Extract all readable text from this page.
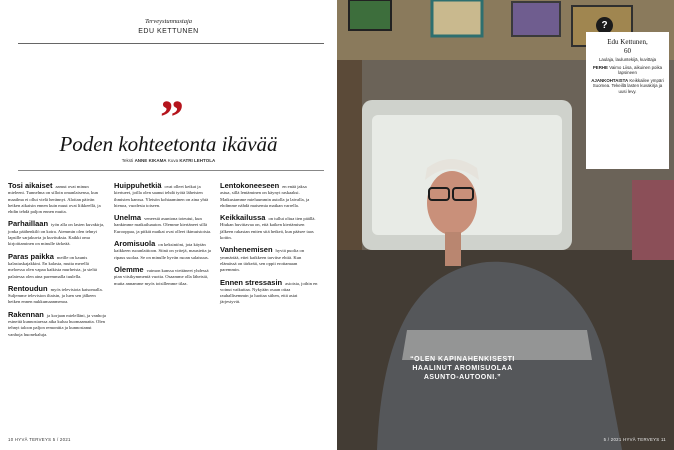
Terveystunnustaja
EDU KETTUNEN
”
Poden kohteetonta ikävää
Teksti ANNE KIKAMA Kuva KATRI LEHTOLA
Tosi aikaiset aamut ovat minun mieleeni. Tunnelma on silloin omanlaisensa, kun maailma ei ollut vielä herännyt. Aloitan päivän hetken aikaisin ennen kuin muut ovat liikkeellä, ja ehdin tehdä paljon ennen muita.

Parhaillaan työn alla on lasten kuvakirja, jonka päähenkilö on koira. Aiemmin olen tehnyt lapsille sarjakuvia ja kuvituksia. Kaikki oma kirjoittaminen on minulle tärkeää.

Paras paikka meille on kaunis kalastuskajakkini. En kalasta, mutta merellä meloessa olen vapaa kaikista murheista, ja sieltä palatessa olen aina paremmalla tuulella.

Rentoudun myös televisiota katsomalla. Suljemme television iltaisin, ja luen sen jälkeen hetken ennen nukkumaanmenoa.

Rakennan ja korjaan mielelläni, ja vanhoja esineitä kunnostaessa aika kuluu huomaamatta. Olen tehnyt taloon paljon remonttia ja kunnostanut vanhoja huonekaluja.

Huippuhetkiä ovat olleet keikat ja kiertueet, joilla olen saanut tehdä työtä läheisten ihmisten kanssa. Yleisön kohtaaminen on aina yhtä hienoa, vuodesta toiseen.

Unelma veneestä asuntona toteutui, kun hankimme matkailuauton. Olemme kiertäneet sillä Eurooppaa, ja pitkät matkat ovat olleet ikimuistoisia.

Aromisuola on keksintöni, jota käytän kaikkeen ruoanlaittoon. Siinä on yrttejä, mausteita ja ripaus suolaa. Se on minulle hyvän ruoan salaisuus.

Olemme vaimon kanssa viettäneet yhdessä pian viisikymmentä vuotta. Osaamme olla läheisiä, mutta annamme myös toisillemme tilaa.

Lentokoneeseen en enää jaksa astua, sillä lentäminen on käynyt raskaaksi. Matkustamme mieluummin autolla ja laivalla, ja ehdimme nähdä maisemia matkan varrella.

Keikkailussa on tullut oltua tien päällä. Hiukan huvittavaa on, että kaiken kiertämisen jälkeen rakastan eniten sitä hetkeä, kun pääsee taas kotiin.

Vanhenemisen hyviä puolia on ymmärtää, ettei kaikkeen tarvitse ehtiä. Kun elämässä on tärkeää, sen oppii erottamaan paremmin.

Ennen stressasin asioista, joihin en voinut vaikuttaa. Nykyään osaan ottaa rauhallisemmin ja luottaa siihen, että asiat järjestyvät.

10 HYVÄ TERVEYS 5 / 2021
?
Edu Kettunen,
60

Laulaja, lauluntekijä, kuvittaja

PERHE Vaimo Liisa, aikuinen poika lapsineen

AJANKOHTAISTA Keikkailee ympäri Suomea. Tekeillä lasten kuvakirja ja uusi levy.

“OLEN KAPINAHENKISESTI HAALINUT AROMISUOLAA ASUNTO-AUTOONI.”
5 / 2021 HYVÄ TERVEYS 11
